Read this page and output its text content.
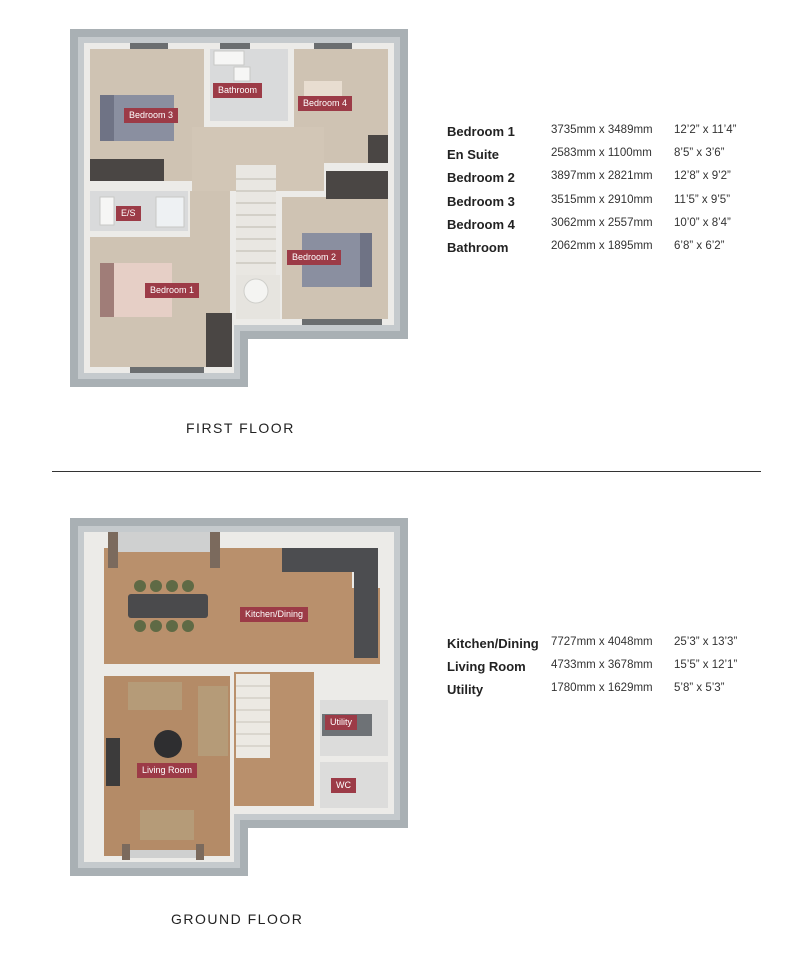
Bedroom 3
Bathroom
Bedroom 4
E/S
Bedroom 2
Bedroom 1
FIRST FLOOR
Bedroom 1	3735mm x 3489mm 12’2” x 11’4”
En Suite	2583mm x 1100mm 8’5” x 3’6”
Bedroom 2	3897mm x 2821mm 12’8” x 9’2”
Bedroom 3	3515mm x 2910mm 11’5” x 9’5”
Bedroom 4	3062mm x 2557mm 10’0” x 8’4”
Bathroom	2062mm x 1895mm 6’8” x 6’2”
Kitchen/Dining
Living Room
Utility
WC
GROUND FLOOR
Kitchen/Dining 7727mm x 4048mm 25’3” x 13’3”
Living Room 4733mm x 3678mm 15’5” x 12’1”
Utility	1780mm x 1629mm 5’8” x 5’3”
